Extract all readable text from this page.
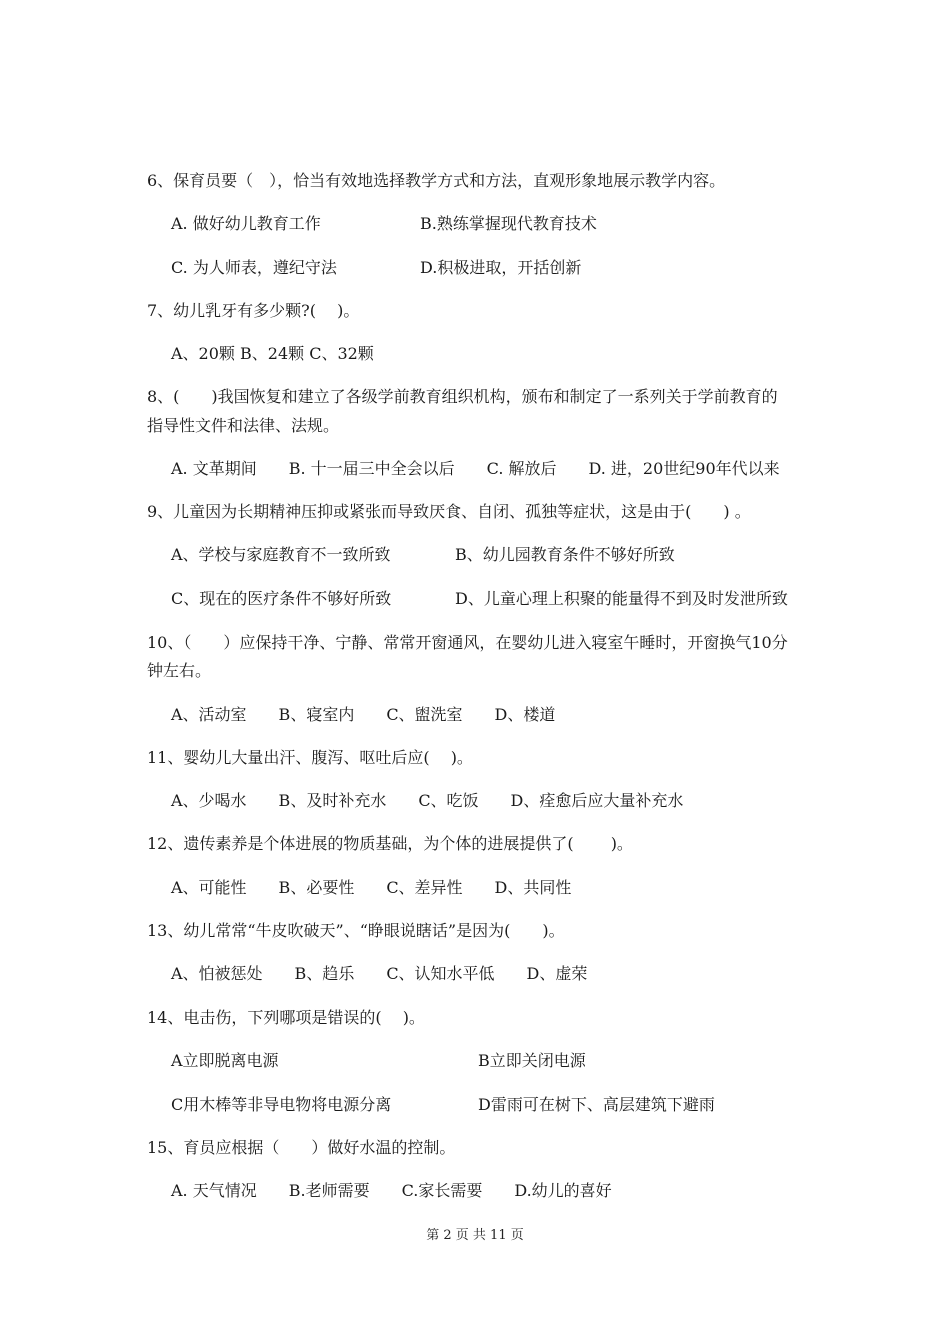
6、保育员要（　），恰当有效地选择教学方式和方法，直观形象地展示教学内容。
A. 做好幼儿教育工作	B.熟练掌握现代教育技术
C. 为人师表，遵纪守法	D.积极进取，开括创新
7、幼儿乳牙有多少颗?(　 )。
A、20颗 B、24颗 C、32颗
8、(　　)我国恢复和建立了各级学前教育组织机构，颁布和制定了一系列关于学前教育的
指导性文件和法律、法规。
A. 文革期间　　B. 十一届三中全会以后　　C. 解放后　　D. 进，20世纪90年代以来
9、儿童因为长期精神压抑或紧张而导致厌食、自闭、孤独等症状，这是由于(　　) 。
A、学校与家庭教育不一致所致	B、幼儿园教育条件不够好所致
C、现在的医疗条件不够好所致	D、儿童心理上积聚的能量得不到及时发泄所致
10、（　　）应保持干净、宁静、常常开窗通风，在婴幼儿进入寝室午睡时，开窗换气10分
钟左右。
A、活动室　　B、寝室内　　C、盥洗室　　D、楼道
11、婴幼儿大量出汗、腹泻、呕吐后应(　 )。
A、少喝水　　B、及时补充水　　C、吃饭　　D、痊愈后应大量补充水
12、遗传素养是个体进展的物质基础，为个体的进展提供了(　　 )。
A、可能性　　B、必要性　　C、差异性　　D、共同性
13、幼儿常常“牛皮吹破天”、“睁眼说瞎话”是因为(　　)。
A、怕被惩处　　B、趋乐　　C、认知水平低　　D、虚荣
14、电击伤，下列哪项是错误的(　 )。
A立即脱离电源	B立即关闭电源
C用木棒等非导电物将电源分离	D雷雨可在树下、高层建筑下避雨
15、育员应根据（　　）做好水温的控制。
A. 天气情况　　B.老师需要　　C.家长需要　　D.幼儿的喜好
第 2 页 共 11 页
